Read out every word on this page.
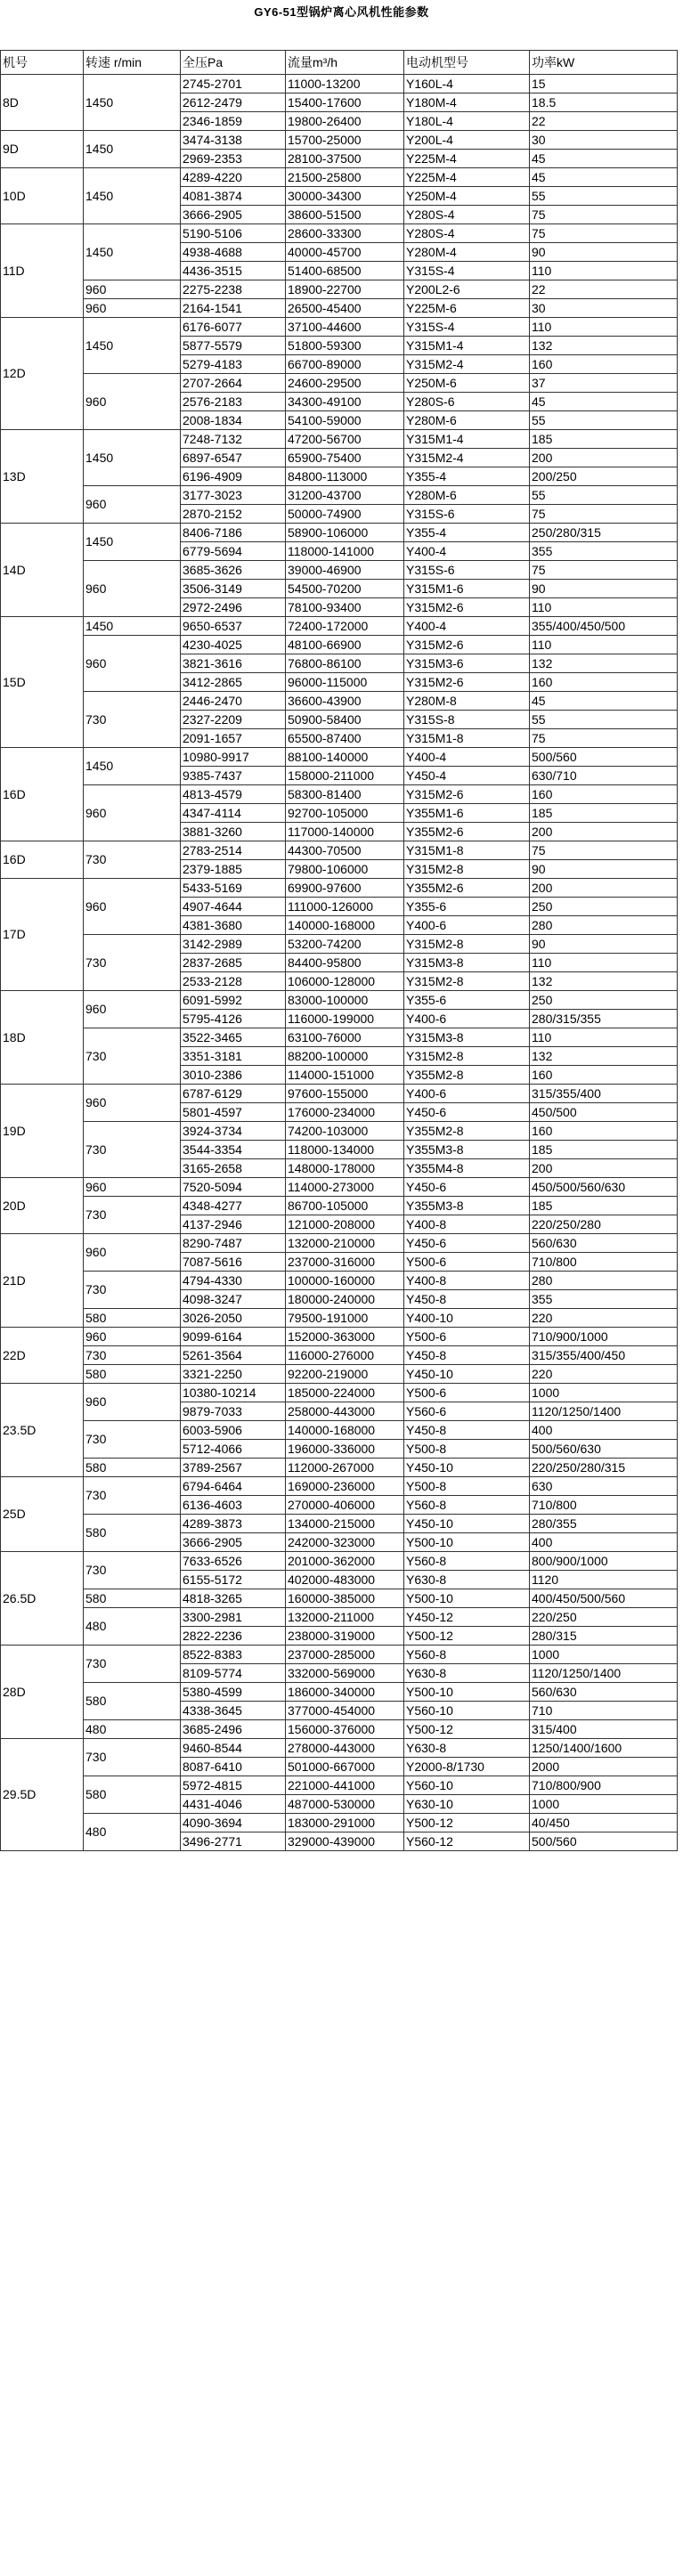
GY6-51型锅炉离心风机性能参数
机号	转速 r/min	全压Pa	流量m³/h	电动机型号	功率kW
8D	1450	2745-2701	11000-13200	Y160L-4	15
		2612-2479	15400-17600	Y180M-4	18.5
		2346-1859	19800-26400	Y180L-4	22
9D	1450	3474-3138	15700-25000	Y200L-4	30
		2969-2353	28100-37500	Y225M-4	45
10D	1450	4289-4220	21500-25800	Y225M-4	45
		4081-3874	30000-34300	Y250M-4	55
		3666-2905	38600-51500	Y280S-4	75
11D	1450	5190-5106	28600-33300	Y280S-4	75
		4938-4688	40000-45700	Y280M-4	90
		4436-3515	51400-68500	Y315S-4	110
	960	2275-2238	18900-22700	Y200L2-6	22
	960	2164-1541	26500-45400	Y225M-6	30
12D	1450	6176-6077	37100-44600	Y315S-4	110
		5877-5579	51800-59300	Y315M1-4	132
		5279-4183	66700-89000	Y315M2-4	160
	960	2707-2664	24600-29500	Y250M-6	37
		2576-2183	34300-49100	Y280S-6	45
		2008-1834	54100-59000	Y280M-6	55
13D	1450	7248-7132	47200-56700	Y315M1-4	185
		6897-6547	65900-75400	Y315M2-4	200
		6196-4909	84800-113000	Y355-4	200/250
	960	3177-3023	31200-43700	Y280M-6	55
		2870-2152	50000-74900	Y315S-6	75
14D	1450	8406-7186	58900-106000	Y355-4	250/280/315
		6779-5694	118000-141000	Y400-4	355
	960	3685-3626	39000-46900	Y315S-6	75
		3506-3149	54500-70200	Y315M1-6	90
		2972-2496	78100-93400	Y315M2-6	110
15D	1450	9650-6537	72400-172000	Y400-4	355/400/450/500
	960	4230-4025	48100-66900	Y315M2-6	110
		3821-3616	76800-86100	Y315M3-6	132
		3412-2865	96000-115000	Y315M2-6	160
	730	2446-2470	36600-43900	Y280M-8	45
		2327-2209	50900-58400	Y315S-8	55
		2091-1657	65500-87400	Y315M1-8	75
16D	1450	10980-9917	88100-140000	Y400-4	500/560
		9385-7437	158000-211000	Y450-4	630/710
	960	4813-4579	58300-81400	Y315M2-6	160
		4347-4114	92700-105000	Y355M1-6	185
		3881-3260	117000-140000	Y355M2-6	200
16D	730	2783-2514	44300-70500	Y315M1-8	75
		2379-1885	79800-106000	Y315M2-8	90
17D	960	5433-5169	69900-97600	Y355M2-6	200
		4907-4644	111000-126000	Y355-6	250
		4381-3680	140000-168000	Y400-6	280
	730	3142-2989	53200-74200	Y315M2-8	90
		2837-2685	84400-95800	Y315M3-8	110
		2533-2128	106000-128000	Y315M2-8	132
18D	960	6091-5992	83000-100000	Y355-6	250
		5795-4126	116000-199000	Y400-6	280/315/355
	730	3522-3465	63100-76000	Y315M3-8	110
		3351-3181	88200-100000	Y315M2-8	132
		3010-2386	114000-151000	Y355M2-8	160
19D	960	6787-6129	97600-155000	Y400-6	315/355/400
		5801-4597	176000-234000	Y450-6	450/500
	730	3924-3734	74200-103000	Y355M2-8	160
		3544-3354	118000-134000	Y355M3-8	185
		3165-2658	148000-178000	Y355M4-8	200
20D	960	7520-5094	114000-273000	Y450-6	450/500/560/630
	730	4348-4277	86700-105000	Y355M3-8	185
		4137-2946	121000-208000	Y400-8	220/250/280
21D	960	8290-7487	132000-210000	Y450-6	560/630
		7087-5616	237000-316000	Y500-6	710/800
	730	4794-4330	100000-160000	Y400-8	280
		4098-3247	180000-240000	Y450-8	355
	580	3026-2050	79500-191000	Y400-10	220
22D	960	9099-6164	152000-363000	Y500-6	710/900/1000
	730	5261-3564	116000-276000	Y450-8	315/355/400/450
	580	3321-2250	92200-219000	Y450-10	220
23.5D	960	10380-10214	185000-224000	Y500-6	1000
		9879-7033	258000-443000	Y560-6	1120/1250/1400
	730	6003-5906	140000-168000	Y450-8	400
		5712-4066	196000-336000	Y500-8	500/560/630
	580	3789-2567	112000-267000	Y450-10	220/250/280/315
25D	730	6794-6464	169000-236000	Y500-8	630
		6136-4603	270000-406000	Y560-8	710/800
	580	4289-3873	134000-215000	Y450-10	280/355
		3666-2905	242000-323000	Y500-10	400
26.5D	730	7633-6526	201000-362000	Y560-8	800/900/1000
		6155-5172	402000-483000	Y630-8	1120
	580	4818-3265	160000-385000	Y500-10	400/450/500/560
	480	3300-2981	132000-211000	Y450-12	220/250
		2822-2236	238000-319000	Y500-12	280/315
28D	730	8522-8383	237000-285000	Y560-8	1000
		8109-5774	332000-569000	Y630-8	1120/1250/1400
	580	5380-4599	186000-340000	Y500-10	560/630
		4338-3645	377000-454000	Y560-10	710
	480	3685-2496	156000-376000	Y500-12	315/400
29.5D	730	9460-8544	278000-443000	Y630-8	1250/1400/1600
		8087-6410	501000-667000	Y2000-8/1730	2000
	580	5972-4815	221000-441000	Y560-10	710/800/900
		4431-4046	487000-530000	Y630-10	1000
	480	4090-3694	183000-291000	Y500-12	40/450
		3496-2771	329000-439000	Y560-12	500/560
